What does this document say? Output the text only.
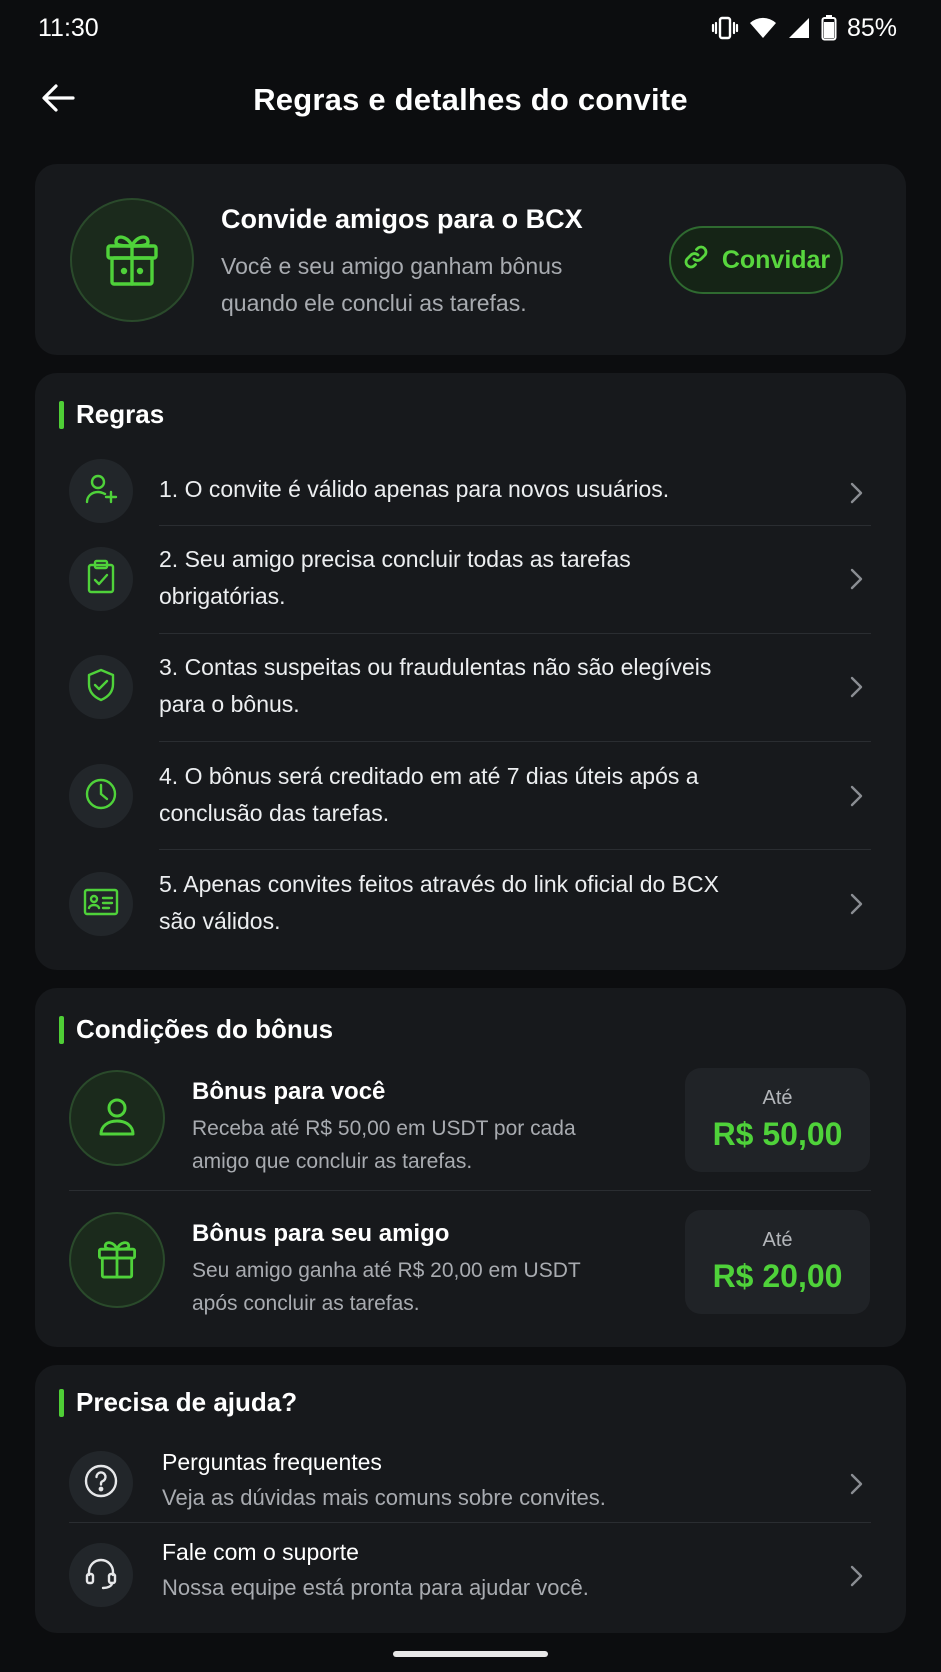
11:30	85%
Regras e detalhes do convite
Convide amigos para o BCX
Você e seu amigo ganham bônus quando ele conclui as tarefas.
Convidar
Regras
1. O convite é válido apenas para novos usuários.
2. Seu amigo precisa concluir todas as tarefas obrigatórias.
3. Contas suspeitas ou fraudulentas não são elegíveis para o bônus.
4. O bônus será creditado em até 7 dias úteis após a conclusão das tarefas.
5. Apenas convites feitos através do link oficial do BCX são válidos.
Condições do bônus
Bônus para você
Receba até R$ 50,00 em USDT por cada amigo que concluir as tarefas.
Até
R$ 50,00
Bônus para seu amigo
Seu amigo ganha até R$ 20,00 em USDT após concluir as tarefas.
Até
R$ 20,00
Precisa de ajuda?
Perguntas frequentes
Veja as dúvidas mais comuns sobre convites.
Fale com o suporte
Nossa equipe está pronta para ajudar você.
